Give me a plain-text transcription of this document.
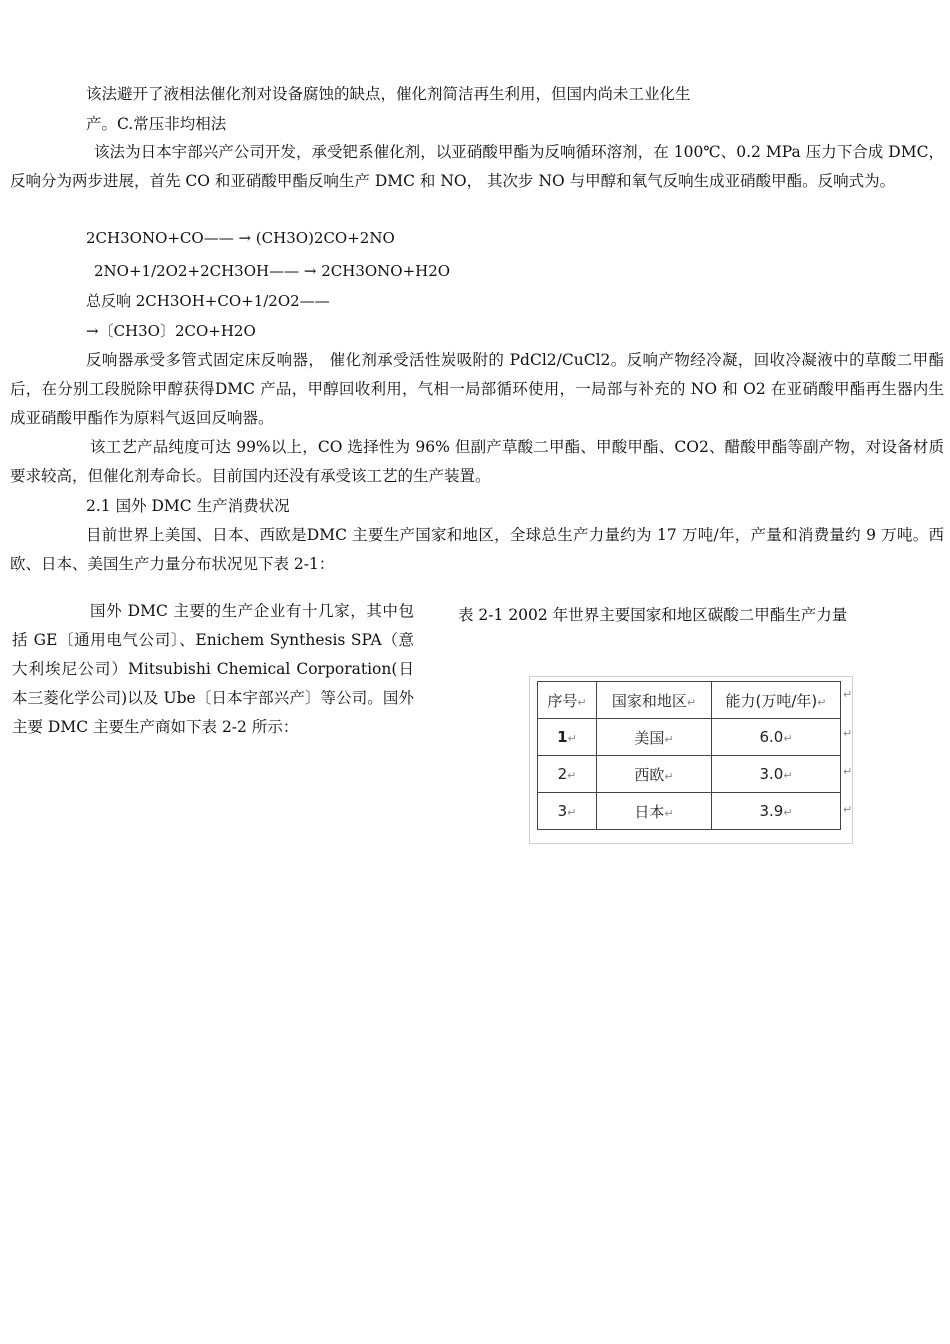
该法避开了液相法催化剂对设备腐蚀的缺点，催化剂简洁再生利用，但国内尚未工业化生

产。C.常压非均相法

该法为日本宇部兴产公司开发，承受钯系催化剂，以亚硝酸甲酯为反响循环溶剂，在 100℃、0.2 MPa 压力下合成 DMC，反响分为两步进展，首先 CO 和亚硝酸甲酯反响生产 DMC 和 NO， 其次步 NO 与甲醇和氧气反响生成亚硝酸甲酯。反响式为。

2CH3ONO+CO—— → (CH3O)2CO+2NO

2NO+1/2O2+2CH3OH—— → 2CH3ONO+H2O

总反响 2CH3OH+CO+1/2O2——

→〔CH3O〕2CO+H2O

反响器承受多管式固定床反响器， 催化剂承受活性炭吸附的 PdCl2/CuCl2。反响产物经冷凝，回收冷凝液中的草酸二甲酯后，在分别工段脱除甲醇获得DMC 产品，甲醇回收利用，气相一局部循环使用，一局部与补充的 NO 和 O2 在亚硝酸甲酯再生器内生成亚硝酸甲酯作为原料气返回反响器。

该工艺产品纯度可达 99%以上，CO 选择性为 96% 但副产草酸二甲酯、甲酸甲酯、CO2、醋酸甲酯等副产物，对设备材质要求较高，但催化剂寿命长。目前国内还没有承受该工艺的生产装置。

2.1 国外 DMC 生产消费状况

目前世界上美国、日本、西欧是DMC 主要生产国家和地区，全球总生产力量约为 17 万吨/年，产量和消费量约 9 万吨。西欧、日本、美国生产力量分布状况见下表 2-1：

国外 DMC 主要的生产企业有十几家，其中包括 GE〔通用电气公司〕、Enichem Synthesis SPA（意大利埃尼公司）Mitsubishi Chemical Corporation(日本三菱化学公司)以及 Ube〔日本宇部兴产〕等公司。国外主要 DMC 主要生产商如下表 2-2 所示：

表 2-1 2002 年世界主要国家和地区碳酸二甲酯生产力量

序号↵	国家和地区↵	能力(万吨/年)↵
1↵	美国↵	6.0↵
2↵	西欧↵	3.0↵
3↵	日本↵	3.9↵
↵
↵
↵
↵
